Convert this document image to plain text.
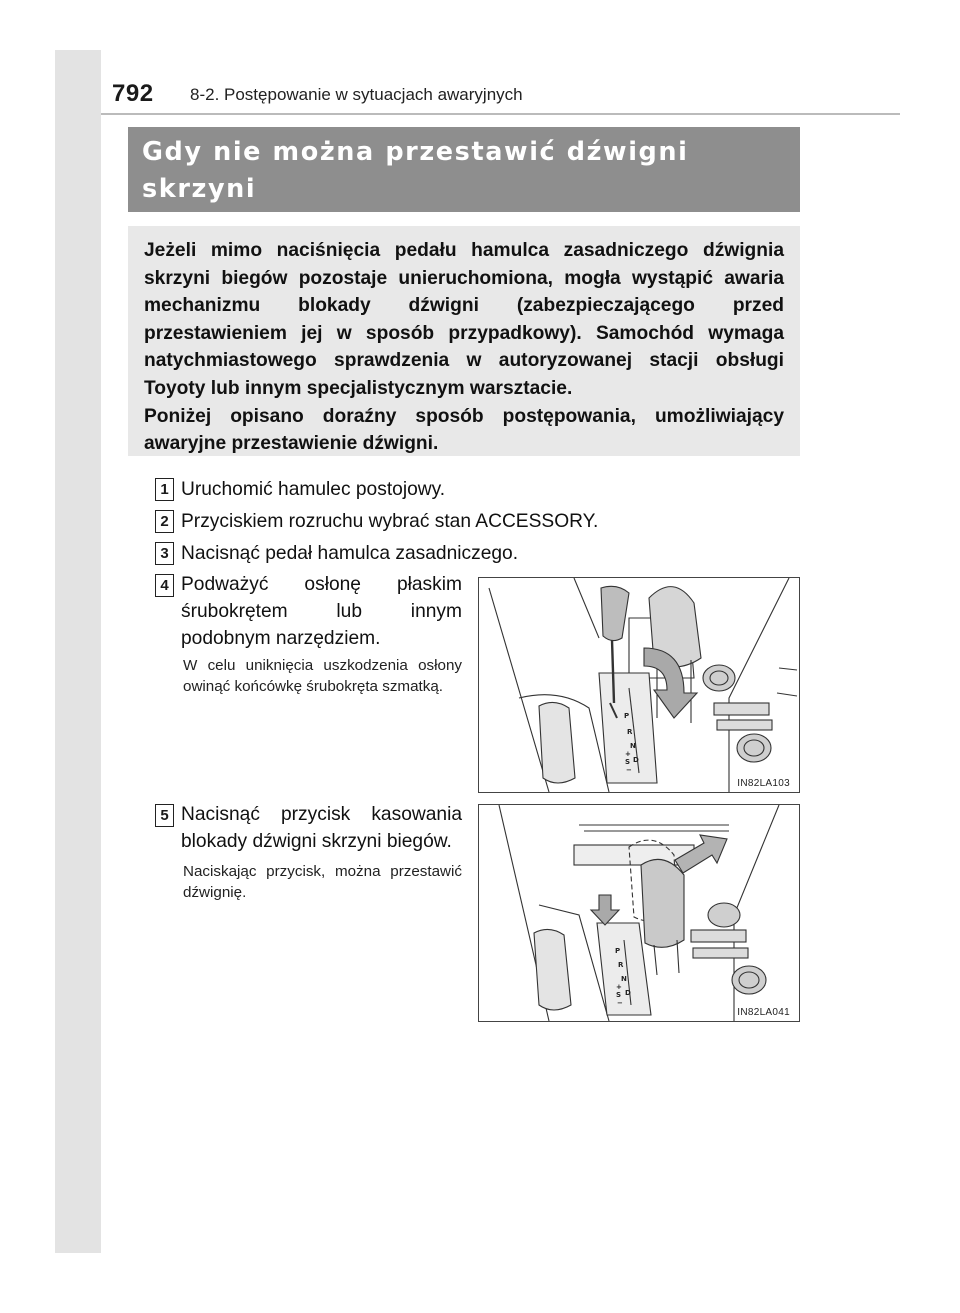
792 8-2. Postępowanie w sytuacjach awaryjnych
Gdy nie można przestawić dźwigni skrzyni

Jeżeli mimo naciśnięcia pedału hamulca zasadniczego dźwignia skrzyni biegów pozostaje unieruchomiona, mogła wystąpić awaria mechanizmu blokady dźwigni (zabezpieczającego przed przestawieniem jej w sposób przypadkowy). Samochód wymaga natychmiastowego sprawdzenia w autoryzowanej stacji obsługi Toyoty lub innym specjalistycznym warsztacie.

Poniżej opisano doraźny sposób postępowania, umożliwiający awaryjne przestawienie dźwigni.

1 Uruchomić hamulec postojowy.
2 Przyciskiem rozruchu wybrać stan ACCESSORY.
3 Nacisnąć pedał hamulca zasadniczego.
4 Podważyć osłonę płaskim śrubokrętem lub innym podobnym narzędziem.
W celu uniknięcia uszkodzenia osłony owinąć końcówkę śrubokręta szmatką.
P
R
N
+
S D
−
IN82LA103
5 Nacisnąć przycisk kasowania blokady dźwigni skrzyni biegów.
Naciskając przycisk, można przestawić dźwignię.
P
R
N
+
S D
−
IN82LA041
